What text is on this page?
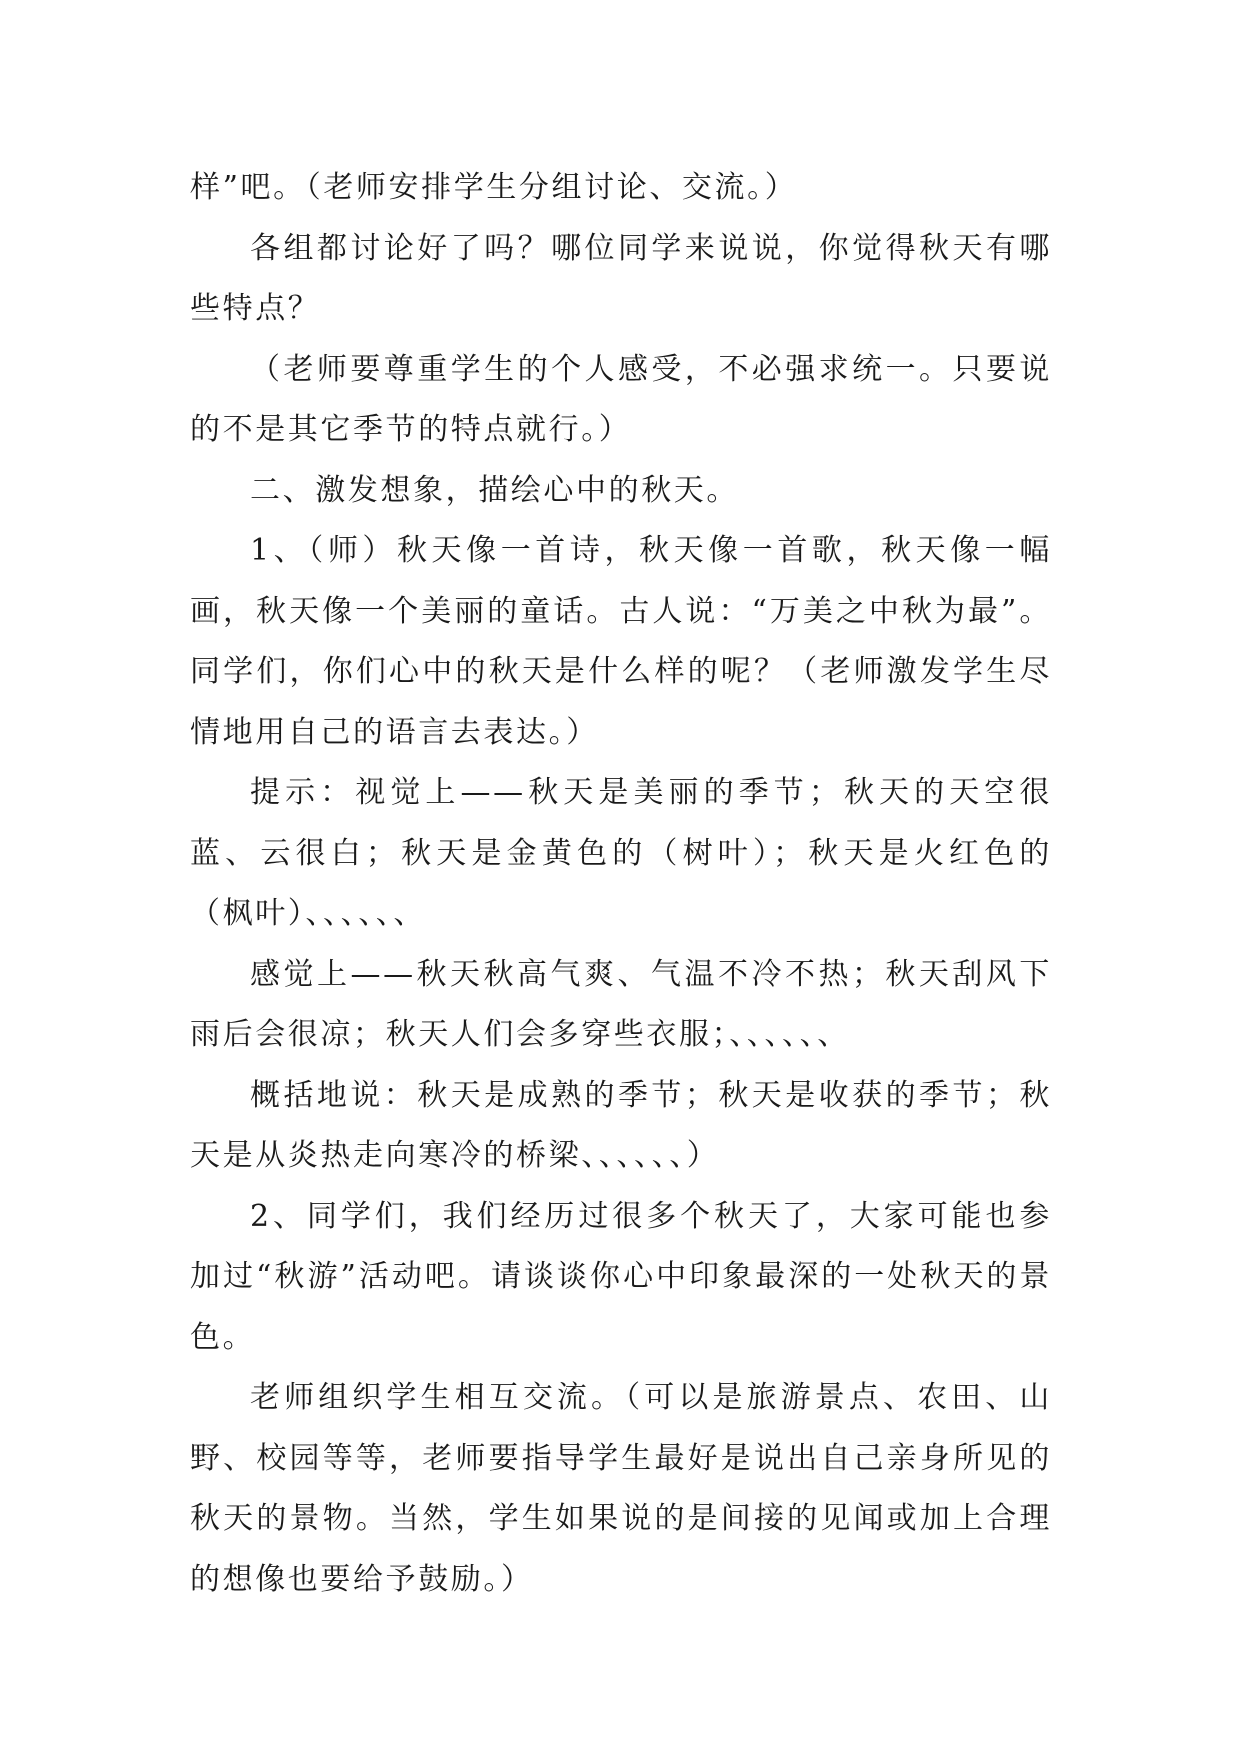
样”吧。（老师安排学生分组讨论、交流。）

各组都讨论好了吗？哪位同学来说说，你觉得秋天有哪些特点？

（老师要尊重学生的个人感受，不必强求统一。只要说的不是其它季节的特点就行。）

二、激发想象，描绘心中的秋天。

1、（师）秋天像一首诗，秋天像一首歌，秋天像一幅画，秋天像一个美丽的童话。古人说：“万美之中秋为最”。同学们，你们心中的秋天是什么样的呢？（老师激发学生尽情地用自己的语言去表达。）

提示：视觉上——秋天是美丽的季节；秋天的天空很蓝、云很白；秋天是金黄色的（树叶）；秋天是火红色的（枫叶）、、、、、、

感觉上——秋天秋高气爽、气温不冷不热；秋天刮风下雨后会很凉；秋天人们会多穿些衣服；、、、、、、

概括地说：秋天是成熟的季节；秋天是收获的季节；秋天是从炎热走向寒冷的桥梁、、、、、、）

2、同学们，我们经历过很多个秋天了，大家可能也参加过“秋游”活动吧。请谈谈你心中印象最深的一处秋天的景色。

老师组织学生相互交流。（可以是旅游景点、农田、山野、校园等等，老师要指导学生最好是说出自己亲身所见的秋天的景物。当然，学生如果说的是间接的见闻或加上合理的想像也要给予鼓励。）
